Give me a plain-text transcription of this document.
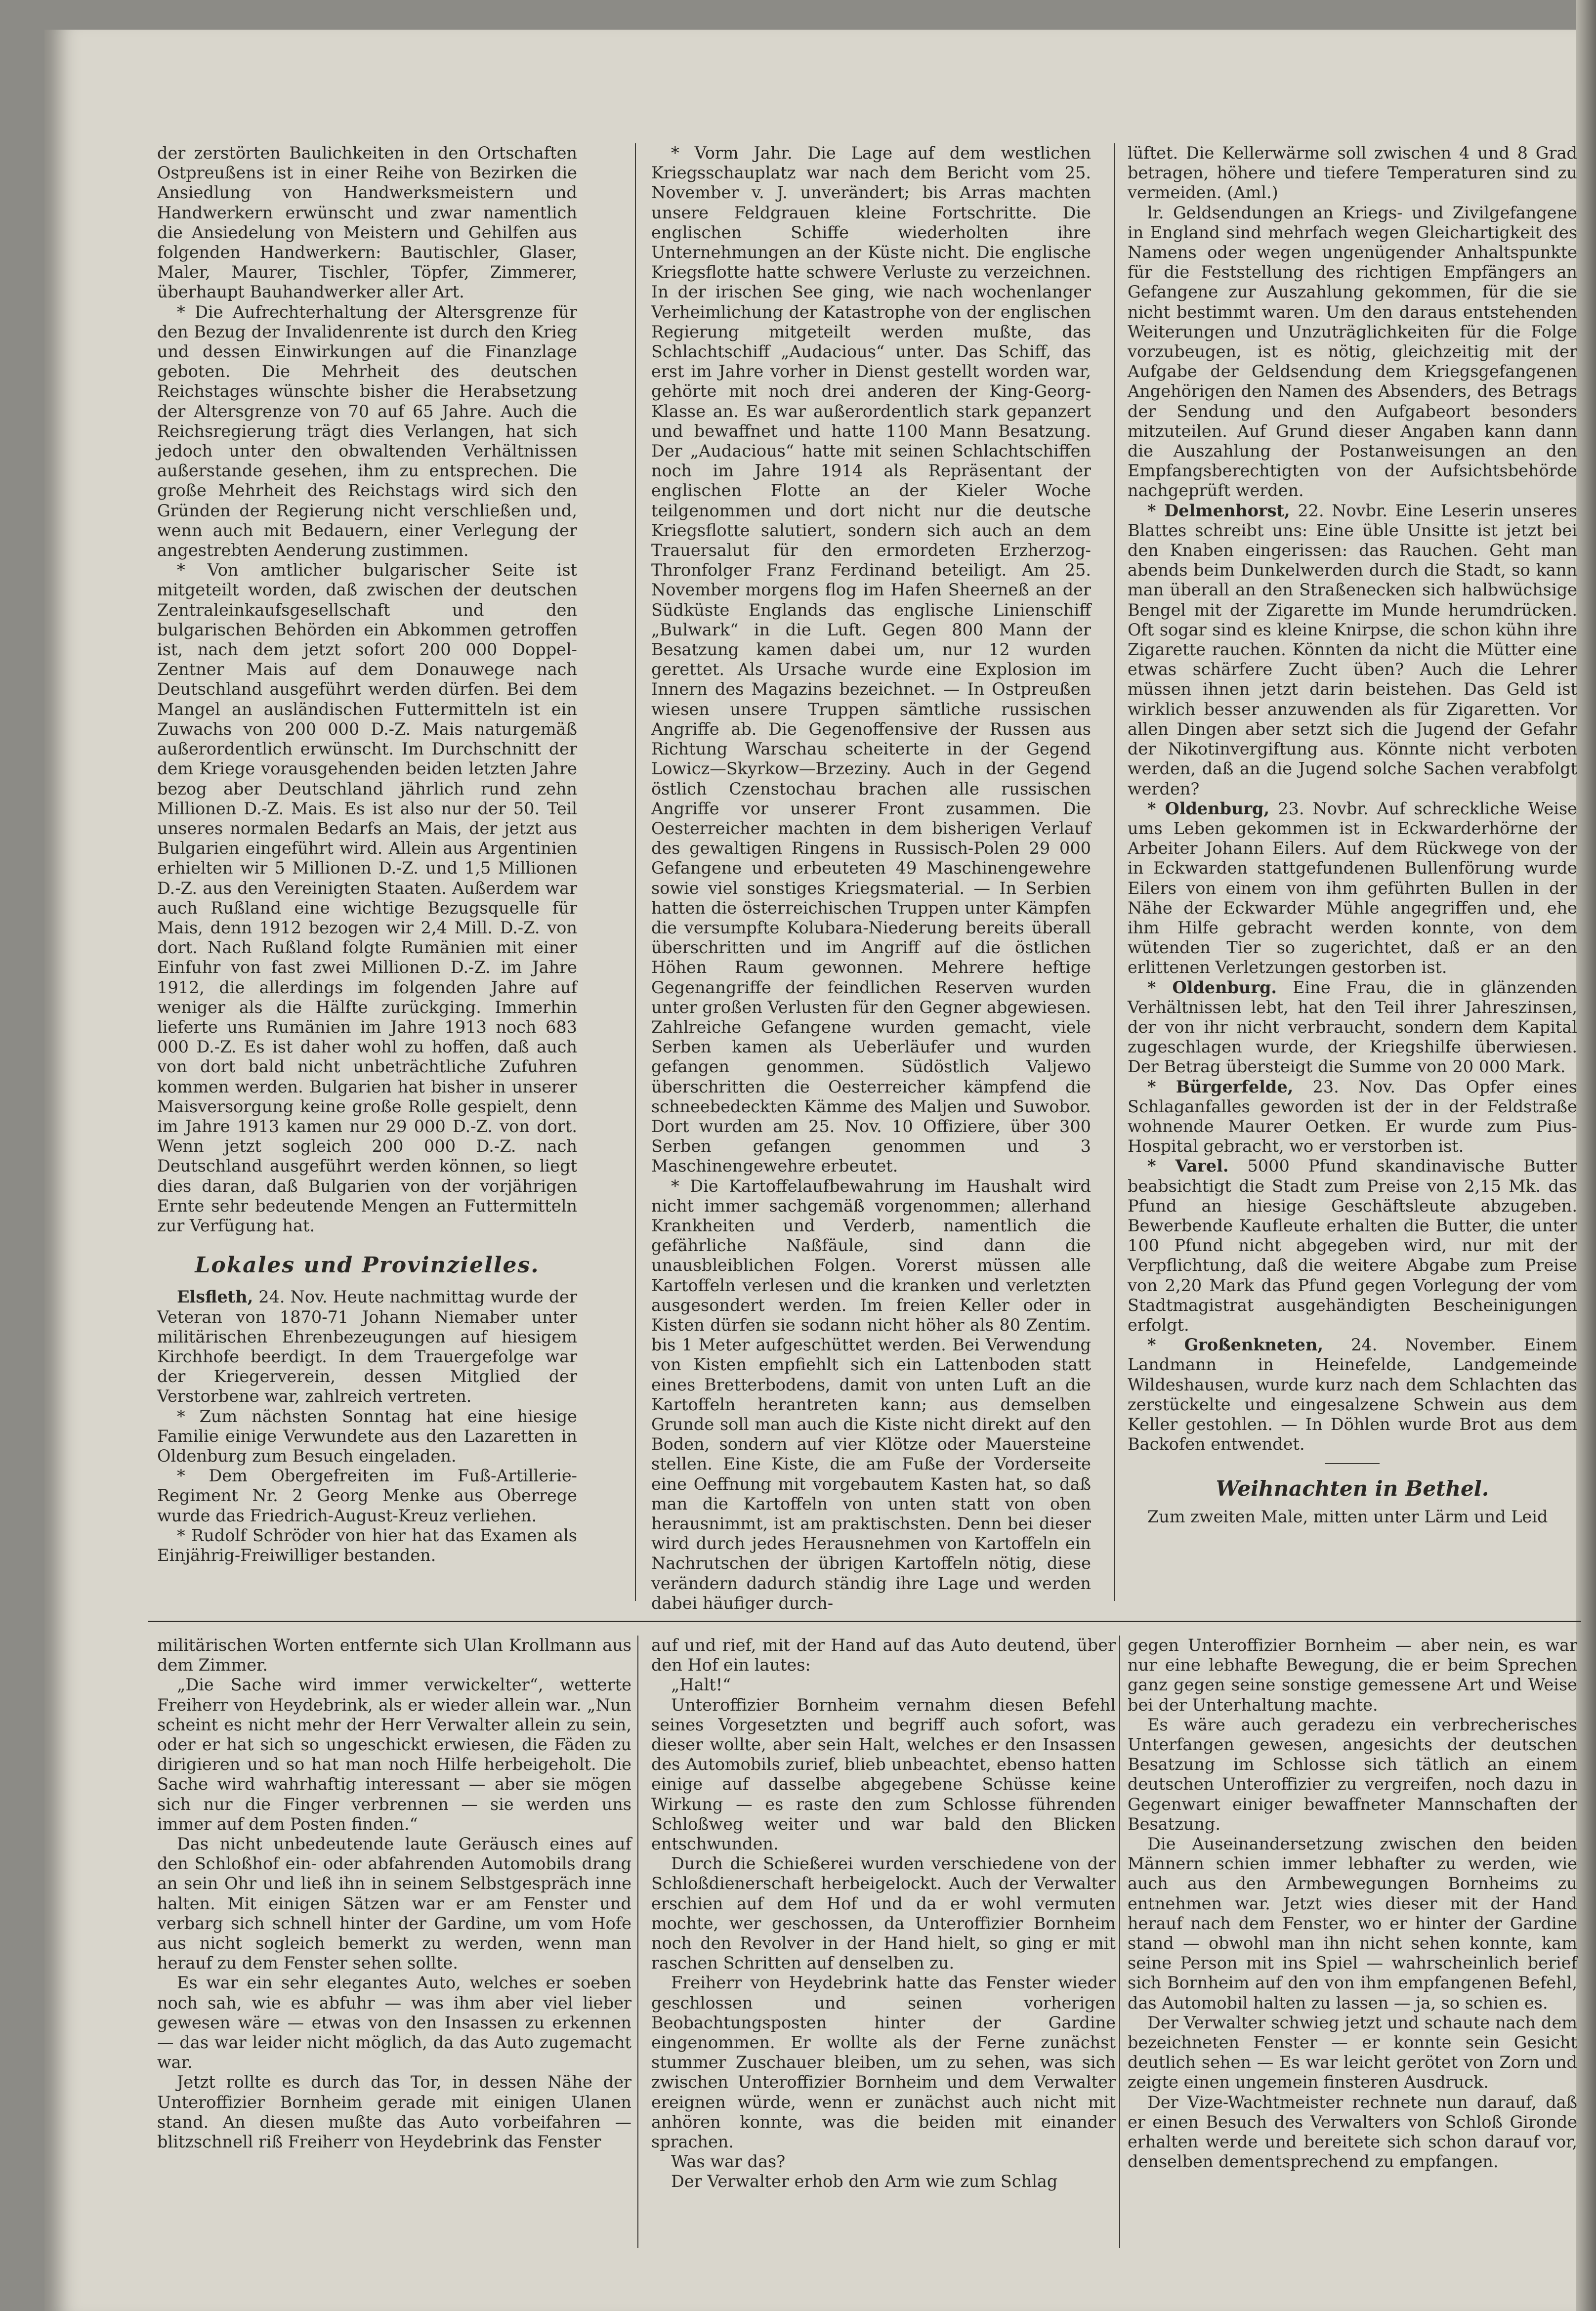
der zerstörten Baulichkeiten in den Ortschaften Ostpreußens ist in einer Reihe von Bezirken die Ansiedlung von Handwerksmeistern und Handwerkern erwünscht und zwar namentlich die Ansiedelung von Meistern und Gehilfen aus folgenden Handwerkern: Bautischler, Glaser, Maler, Maurer, Tischler, Töpfer, Zimmerer, überhaupt Bauhandwerker aller Art.

* Die Aufrechterhaltung der Altersgrenze für den Bezug der Invalidenrente ist durch den Krieg und dessen Einwirkungen auf die Finanzlage geboten. Die Mehrheit des deutschen Reichstages wünschte bisher die Herabsetzung der Altersgrenze von 70 auf 65 Jahre. Auch die Reichsregierung trägt dies Verlangen, hat sich jedoch unter den obwaltenden Verhältnissen außerstande gesehen, ihm zu entsprechen. Die große Mehrheit des Reichstags wird sich den Gründen der Regierung nicht verschließen und, wenn auch mit Bedauern, einer Verlegung der angestrebten Aenderung zustimmen.

* Von amtlicher bulgarischer Seite ist mitgeteilt worden, daß zwischen der deutschen Zentraleinkaufsgesellschaft und den bulgarischen Behörden ein Abkommen getroffen ist, nach dem jetzt sofort 200 000 Doppel-Zentner Mais auf dem Donauwege nach Deutschland ausgeführt werden dürfen. Bei dem Mangel an ausländischen Futtermitteln ist ein Zuwachs von 200 000 D.-Z. Mais naturgemäß außerordentlich erwünscht. Im Durchschnitt der dem Kriege vorausgehenden beiden letzten Jahre bezog aber Deutschland jährlich rund zehn Millionen D.-Z. Mais. Es ist also nur der 50. Teil unseres normalen Bedarfs an Mais, der jetzt aus Bulgarien eingeführt wird. Allein aus Argentinien erhielten wir 5 Millionen D.-Z. und 1,5 Millionen D.-Z. aus den Vereinigten Staaten. Außerdem war auch Rußland eine wichtige Bezugsquelle für Mais, denn 1912 bezogen wir 2,4 Mill. D.-Z. von dort. Nach Rußland folgte Rumänien mit einer Einfuhr von fast zwei Millionen D.-Z. im Jahre 1912, die allerdings im folgenden Jahre auf weniger als die Hälfte zurückging. Immerhin lieferte uns Rumänien im Jahre 1913 noch 683 000 D.-Z. Es ist daher wohl zu hoffen, daß auch von dort bald nicht unbeträchtliche Zufuhren kommen werden. Bulgarien hat bisher in unserer Maisversorgung keine große Rolle gespielt, denn im Jahre 1913 kamen nur 29 000 D.-Z. von dort. Wenn jetzt sogleich 200 000 D.-Z. nach Deutschland ausgeführt werden können, so liegt dies daran, daß Bulgarien von der vorjährigen Ernte sehr bedeutende Mengen an Futtermitteln zur Verfügung hat.

Lokales und Provinzielles.

Elsfleth, 24. Nov. Heute nachmittag wurde der Veteran von 1870-71 Johann Niemaber unter militärischen Ehrenbezeugungen auf hiesigem Kirchhofe beerdigt. In dem Trauergefolge war der Kriegerverein, dessen Mitglied der Verstorbene war, zahlreich vertreten.

* Zum nächsten Sonntag hat eine hiesige Familie einige Verwundete aus den Lazaretten in Oldenburg zum Besuch eingeladen.

* Dem Obergefreiten im Fuß-Artillerie-Regiment Nr. 2 Georg Menke aus Oberrege wurde das Friedrich-August-Kreuz verliehen.

* Rudolf Schröder von hier hat das Examen als Einjährig-Freiwilliger bestanden.

* Vorm Jahr. Die Lage auf dem westlichen Kriegsschauplatz war nach dem Bericht vom 25. November v. J. unverändert; bis Arras machten unsere Feldgrauen kleine Fortschritte. Die englischen Schiffe wiederholten ihre Unternehmungen an der Küste nicht. Die englische Kriegsflotte hatte schwere Verluste zu verzeichnen. In der irischen See ging, wie nach wochenlanger Verheimlichung der Katastrophe von der englischen Regierung mitgeteilt werden mußte, das Schlachtschiff „Audacious“ unter. Das Schiff, das erst im Jahre vorher in Dienst gestellt worden war, gehörte mit noch drei anderen der King-Georg-Klasse an. Es war außerordentlich stark gepanzert und bewaffnet und hatte 1100 Mann Besatzung. Der „Audacious“ hatte mit seinen Schlachtschiffen noch im Jahre 1914 als Repräsentant der englischen Flotte an der Kieler Woche teilgenommen und dort nicht nur die deutsche Kriegsflotte salutiert, sondern sich auch an dem Trauersalut für den ermordeten Erzherzog-Thronfolger Franz Ferdinand beteiligt. Am 25. November morgens flog im Hafen Sheerneß an der Südküste Englands das englische Linienschiff „Bulwark“ in die Luft. Gegen 800 Mann der Besatzung kamen dabei um, nur 12 wurden gerettet. Als Ursache wurde eine Explosion im Innern des Magazins bezeichnet. — In Ostpreußen wiesen unsere Truppen sämtliche russischen Angriffe ab. Die Gegenoffensive der Russen aus Richtung Warschau scheiterte in der Gegend Lowicz—Skyrkow—Brzeziny. Auch in der Gegend östlich Czenstochau brachen alle russischen Angriffe vor unserer Front zusammen. Die Oesterreicher machten in dem bisherigen Verlauf des gewaltigen Ringens in Russisch-Polen 29 000 Gefangene und erbeuteten 49 Maschinengewehre sowie viel sonstiges Kriegsmaterial. — In Serbien hatten die österreichischen Truppen unter Kämpfen die versumpfte Kolubara-Niederung bereits überall überschritten und im Angriff auf die östlichen Höhen Raum gewonnen. Mehrere heftige Gegenangriffe der feindlichen Reserven wurden unter großen Verlusten für den Gegner abgewiesen. Zahlreiche Gefangene wurden gemacht, viele Serben kamen als Ueberläufer und wurden gefangen genommen. Südöstlich Valjewo überschritten die Oesterreicher kämpfend die schneebedeckten Kämme des Maljen und Suwobor. Dort wurden am 25. Nov. 10 Offiziere, über 300 Serben gefangen genommen und 3 Maschinengewehre erbeutet.

* Die Kartoffelaufbewahrung im Haushalt wird nicht immer sachgemäß vorgenommen; allerhand Krankheiten und Verderb, namentlich die gefährliche Naßfäule, sind dann die unausbleiblichen Folgen. Vorerst müssen alle Kartoffeln verlesen und die kranken und verletzten ausgesondert werden. Im freien Keller oder in Kisten dürfen sie sodann nicht höher als 80 Zentim. bis 1 Meter aufgeschüttet werden. Bei Verwendung von Kisten empfiehlt sich ein Lattenboden statt eines Bretterbodens, damit von unten Luft an die Kartoffeln herantreten kann; aus demselben Grunde soll man auch die Kiste nicht direkt auf den Boden, sondern auf vier Klötze oder Mauersteine stellen. Eine Kiste, die am Fuße der Vorderseite eine Oeffnung mit vorgebautem Kasten hat, so daß man die Kartoffeln von unten statt von oben herausnimmt, ist am praktischsten. Denn bei dieser wird durch jedes Herausnehmen von Kartoffeln ein Nachrutschen der übrigen Kartoffeln nötig, diese verändern dadurch ständig ihre Lage und werden dabei häufiger durch-

lüftet. Die Kellerwärme soll zwischen 4 und 8 Grad betragen, höhere und tiefere Temperaturen sind zu vermeiden. (Aml.)

lr. Geldsendungen an Kriegs- und Zivilgefangene in England sind mehrfach wegen Gleichartigkeit des Namens oder wegen ungenügender Anhaltspunkte für die Feststellung des richtigen Empfängers an Gefangene zur Auszahlung gekommen, für die sie nicht bestimmt waren. Um den daraus entstehenden Weiterungen und Unzuträglichkeiten für die Folge vorzubeugen, ist es nötig, gleichzeitig mit der Aufgabe der Geldsendung dem Kriegsgefangenen Angehörigen den Namen des Absenders, des Betrags der Sendung und den Aufgabeort besonders mitzuteilen. Auf Grund dieser Angaben kann dann die Auszahlung der Postanweisungen an den Empfangsberechtigten von der Aufsichtsbehörde nachgeprüft werden.

* Delmenhorst, 22. Novbr. Eine Leserin unseres Blattes schreibt uns: Eine üble Unsitte ist jetzt bei den Knaben eingerissen: das Rauchen. Geht man abends beim Dunkelwerden durch die Stadt, so kann man überall an den Straßenecken sich halbwüchsige Bengel mit der Zigarette im Munde herumdrücken. Oft sogar sind es kleine Knirpse, die schon kühn ihre Zigarette rauchen. Könnten da nicht die Mütter eine etwas schärfere Zucht üben? Auch die Lehrer müssen ihnen jetzt darin beistehen. Das Geld ist wirklich besser anzuwenden als für Zigaretten. Vor allen Dingen aber setzt sich die Jugend der Gefahr der Nikotinvergiftung aus. Könnte nicht verboten werden, daß an die Jugend solche Sachen verabfolgt werden?

* Oldenburg, 23. Novbr. Auf schreckliche Weise ums Leben gekommen ist in Eckwarderhörne der Arbeiter Johann Eilers. Auf dem Rückwege von der in Eckwarden stattgefundenen Bullenförung wurde Eilers von einem von ihm geführten Bullen in der Nähe der Eckwarder Mühle angegriffen und, ehe ihm Hilfe gebracht werden konnte, von dem wütenden Tier so zugerichtet, daß er an den erlittenen Verletzungen gestorben ist.

* Oldenburg. Eine Frau, die in glänzenden Verhältnissen lebt, hat den Teil ihrer Jahreszinsen, der von ihr nicht verbraucht, sondern dem Kapital zugeschlagen wurde, der Kriegshilfe überwiesen. Der Betrag übersteigt die Summe von 20 000 Mark.

* Bürgerfelde, 23. Nov. Das Opfer eines Schlaganfalles geworden ist der in der Feldstraße wohnende Maurer Oetken. Er wurde zum Pius-Hospital gebracht, wo er verstorben ist.

* Varel. 5000 Pfund skandinavische Butter beabsichtigt die Stadt zum Preise von 2,15 Mk. das Pfund an hiesige Geschäftsleute abzugeben. Bewerbende Kaufleute erhalten die Butter, die unter 100 Pfund nicht abgegeben wird, nur mit der Verpflichtung, daß die weitere Abgabe zum Preise von 2,20 Mark das Pfund gegen Vorlegung der vom Stadtmagistrat ausgehändigten Bescheinigungen erfolgt.

* Großenkneten, 24. November. Einem Landmann in Heinefelde, Landgemeinde Wildeshausen, wurde kurz nach dem Schlachten das zerstückelte und eingesalzene Schwein aus dem Keller gestohlen. — In Döhlen wurde Brot aus dem Backofen entwendet.

Weihnachten in Bethel.

Zum zweiten Male, mitten unter Lärm und Leid

militärischen Worten entfernte sich Ulan Krollmann aus dem Zimmer.

„Die Sache wird immer verwickelter“, wetterte Freiherr von Heydebrink, als er wieder allein war. „Nun scheint es nicht mehr der Herr Verwalter allein zu sein, oder er hat sich so ungeschickt erwiesen, die Fäden zu dirigieren und so hat man noch Hilfe herbeigeholt. Die Sache wird wahrhaftig interessant — aber sie mögen sich nur die Finger verbrennen — sie werden uns immer auf dem Posten finden.“

Das nicht unbedeutende laute Geräusch eines auf den Schloßhof ein- oder abfahrenden Automobils drang an sein Ohr und ließ ihn in seinem Selbstgespräch inne halten. Mit einigen Sätzen war er am Fenster und verbarg sich schnell hinter der Gardine, um vom Hofe aus nicht sogleich bemerkt zu werden, wenn man herauf zu dem Fenster sehen sollte.

Es war ein sehr elegantes Auto, welches er soeben noch sah, wie es abfuhr — was ihm aber viel lieber gewesen wäre — etwas von den Insassen zu erkennen — das war leider nicht möglich, da das Auto zugemacht war.

Jetzt rollte es durch das Tor, in dessen Nähe der Unteroffizier Bornheim gerade mit einigen Ulanen stand. An diesen mußte das Auto vorbeifahren — blitzschnell riß Freiherr von Heydebrink das Fenster

auf und rief, mit der Hand auf das Auto deutend, über den Hof ein lautes:

„Halt!“

Unteroffizier Bornheim vernahm diesen Befehl seines Vorgesetzten und begriff auch sofort, was dieser wollte, aber sein Halt, welches er den Insassen des Automobils zurief, blieb unbeachtet, ebenso hatten einige auf dasselbe abgegebene Schüsse keine Wirkung — es raste den zum Schlosse führenden Schloßweg weiter und war bald den Blicken entschwunden.

Durch die Schießerei wurden verschiedene von der Schloßdienerschaft herbeigelockt. Auch der Verwalter erschien auf dem Hof und da er wohl vermuten mochte, wer geschossen, da Unteroffizier Bornheim noch den Revolver in der Hand hielt, so ging er mit raschen Schritten auf denselben zu.

Freiherr von Heydebrink hatte das Fenster wieder geschlossen und seinen vorherigen Beobachtungsposten hinter der Gardine eingenommen. Er wollte als der Ferne zunächst stummer Zuschauer bleiben, um zu sehen, was sich zwischen Unteroffizier Bornheim und dem Verwalter ereignen würde, wenn er zunächst auch nicht mit anhören konnte, was die beiden mit einander sprachen.

Was war das?

Der Verwalter erhob den Arm wie zum Schlag

gegen Unteroffizier Bornheim — aber nein, es war nur eine lebhafte Bewegung, die er beim Sprechen ganz gegen seine sonstige gemessene Art und Weise bei der Unterhaltung machte.

Es wäre auch geradezu ein verbrecherisches Unterfangen gewesen, angesichts der deutschen Besatzung im Schlosse sich tätlich an einem deutschen Unteroffizier zu vergreifen, noch dazu in Gegenwart einiger bewaffneter Mannschaften der Besatzung.

Die Auseinandersetzung zwischen den beiden Männern schien immer lebhafter zu werden, wie auch aus den Armbewegungen Bornheims zu entnehmen war. Jetzt wies dieser mit der Hand herauf nach dem Fenster, wo er hinter der Gardine stand — obwohl man ihn nicht sehen konnte, kam seine Person mit ins Spiel — wahrscheinlich berief sich Bornheim auf den von ihm empfangenen Befehl, das Automobil halten zu lassen — ja, so schien es.

Der Verwalter schwieg jetzt und schaute nach dem bezeichneten Fenster — er konnte sein Gesicht deutlich sehen — Es war leicht gerötet von Zorn und zeigte einen ungemein finsteren Ausdruck.

Der Vize-Wachtmeister rechnete nun darauf, daß er einen Besuch des Verwalters von Schloß Gironde erhalten werde und bereitete sich schon darauf vor, denselben dementsprechend zu empfangen.
